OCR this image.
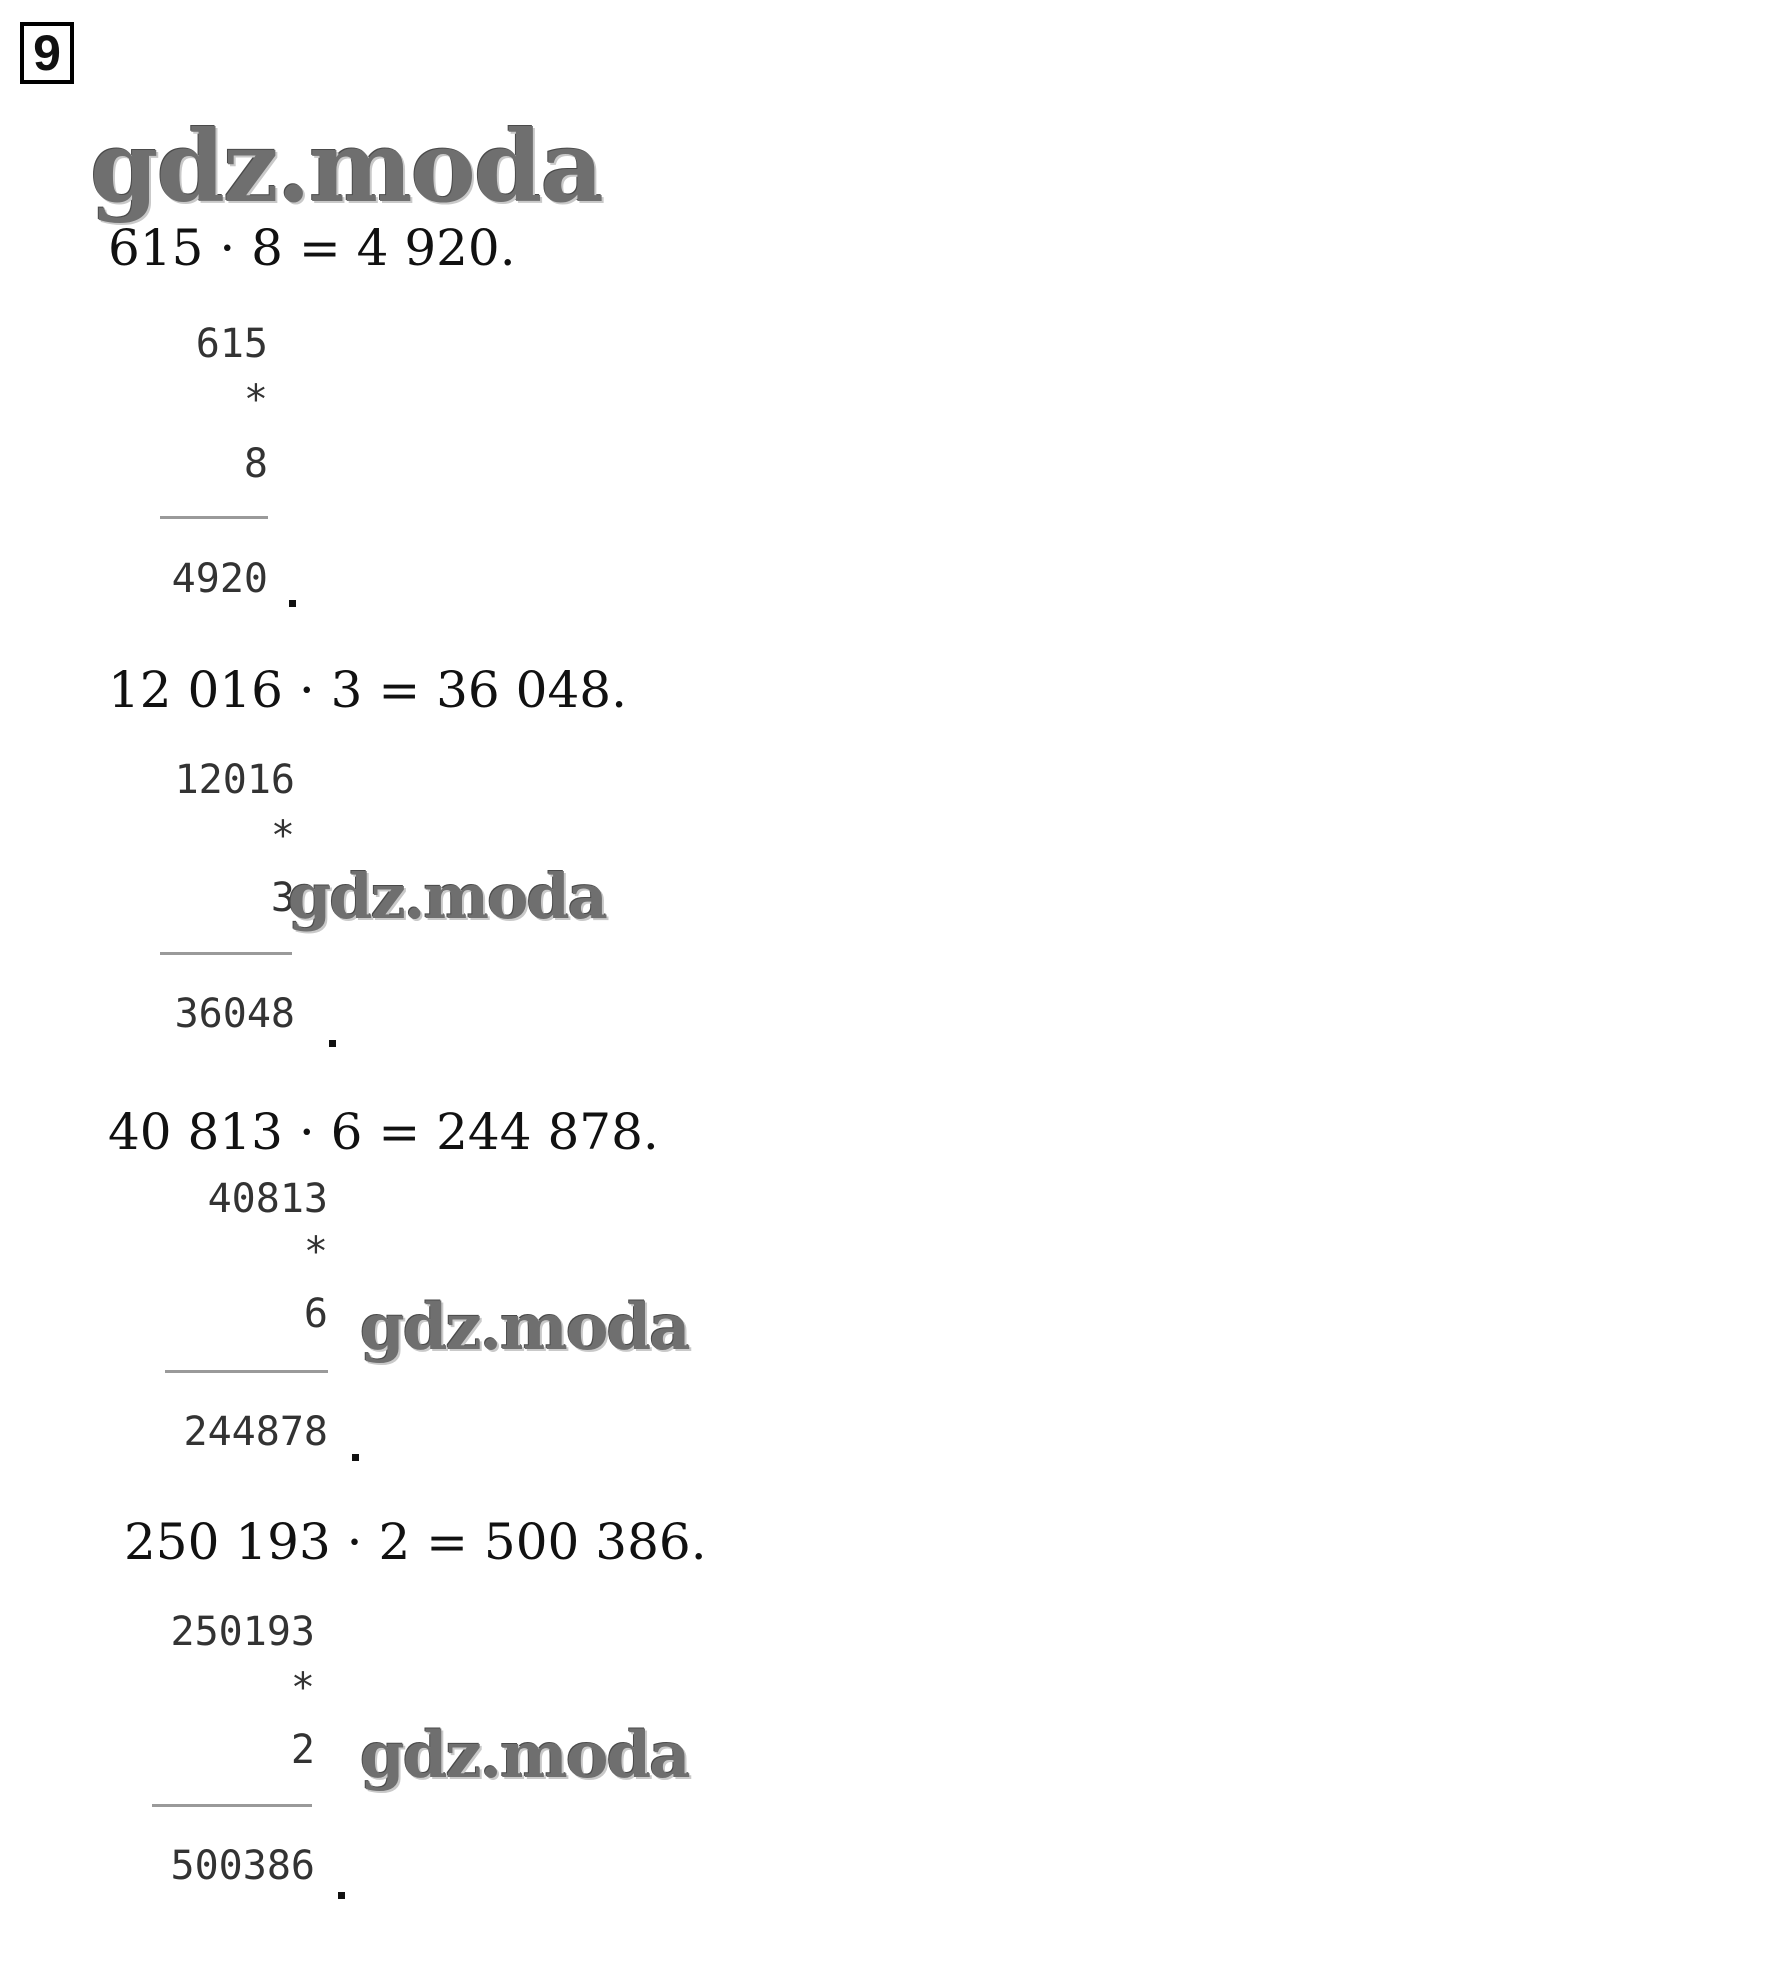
9
gdz.moda
615 · 8 = 4 920.
615
*
8
4920
12 016 · 3 = 36 048.
12016
*
3
36048
gdz.moda
40 813 · 6 = 244 878.
40813
*
6
244878
gdz.moda
250 193 · 2 = 500 386.
250193
*
2
500386
gdz.moda
